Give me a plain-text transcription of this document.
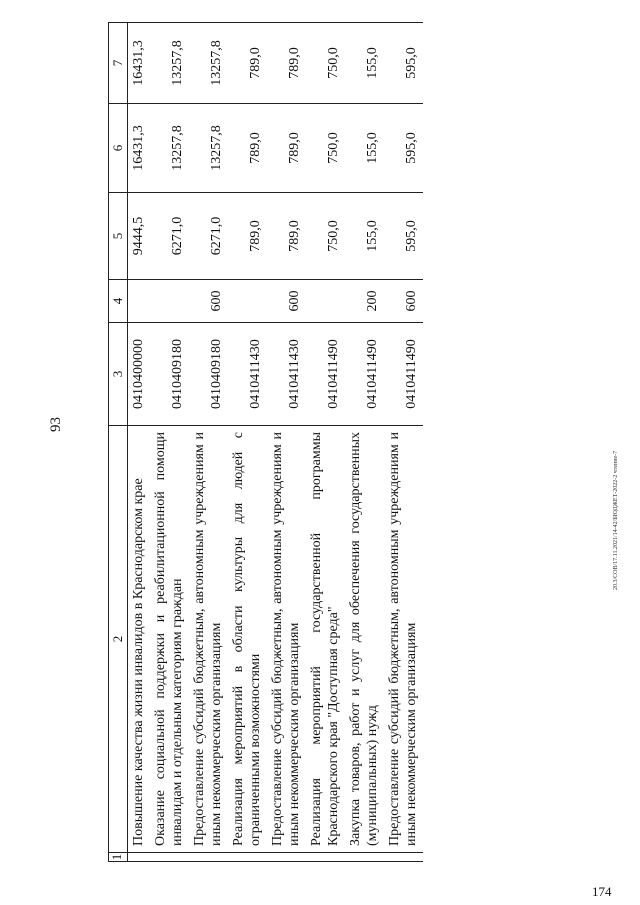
93
1	2	3	4	5	6	7
	Повышение качества жизни инвалидов в Краснодарском крае	0410400000		9444,5	16431,3	16431,3
	Оказание социальной поддержки и реабилитационной помощи инвалидам и отдельным категориям граждан	0410409180		6271,0	13257,8	13257,8
	Предоставление субсидий бюджетным, автономным учреждениям и иным некоммерческим организациям	0410409180	600	6271,0	13257,8	13257,8
	Реализация мероприятий в области культуры для людей с ограниченными возможностями	0410411430		789,0	789,0	789,0
	Предоставление субсидий бюджетным, автономным учреждениям и иным некоммерческим организациям	0410411430	600	789,0	789,0	789,0
	Реализация мероприятий государственной программы Краснодарского края "Доступная среда"	0410411490		750,0	750,0	750,0
	Закупка товаров, работ и услуг для обеспечения государственных (муниципальных) нужд	0410411490	200	155,0	155,0	155,0
	Предоставление субсидий бюджетным, автономным учреждениям и иным некоммерческим организациям	0410411490	600	595,0	595,0	595,0
20.3/СОВ/17.11.2021/14-42/БЮДЖЕТ-2022-2 чтение-7
174
